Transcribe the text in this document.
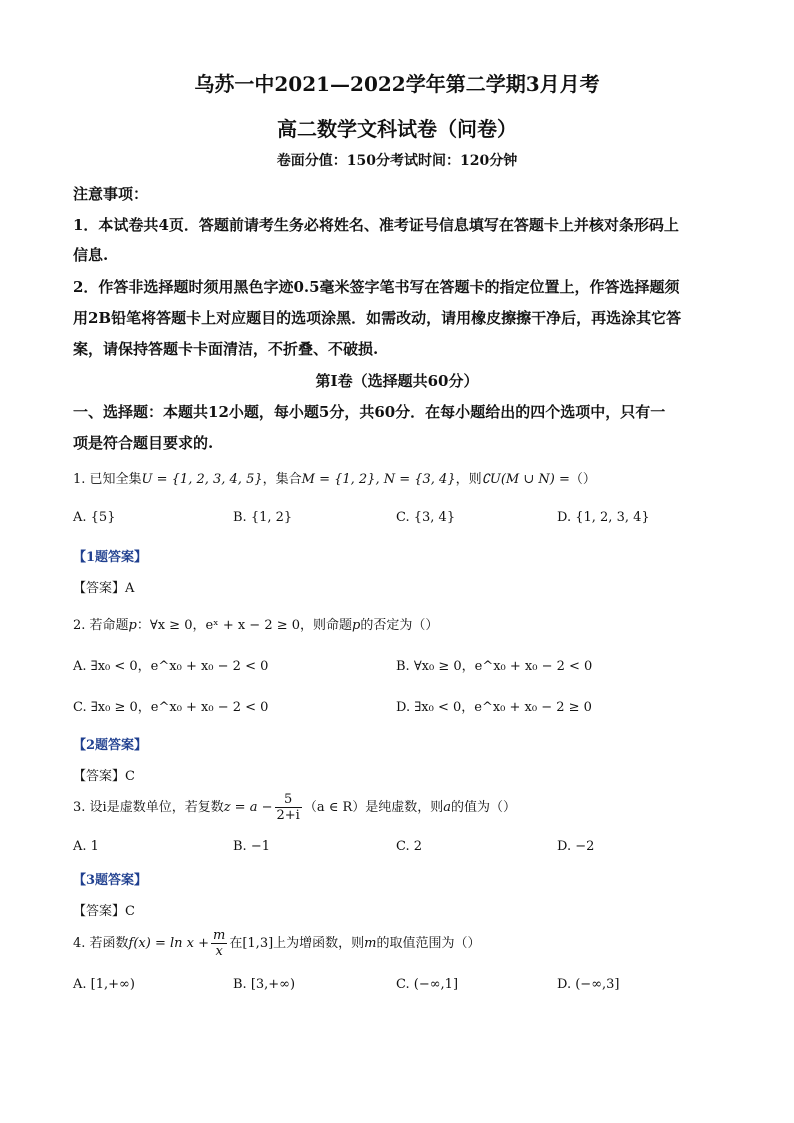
乌苏一中2021—2022学年第二学期3月月考
高二数学文科试卷（问卷）
卷面分值：150分考试时间：120分钟
注意事项：
1．本试卷共4页．答题前请考生务必将姓名、准考证号信息填写在答题卡上并核对条形码上
信息.
2．作答非选择题时须用黑色字迹0.5毫米签字笔书写在答题卡的指定位置上，作答选择题须
用2B铅笔将答题卡上对应题目的选项涂黑．如需改动，请用橡皮擦擦干净后，再选涂其它答
案，请保持答题卡卡面清洁，不折叠、不破损.
第Ⅰ卷（选择题共60分）
一、选择题：本题共12小题，每小题5分，共60分．在每小题给出的四个选项中，只有一
项是符合题目要求的.
1. 已知全集U = {1, 2, 3, 4, 5}，集合M = {1, 2}, N = {3, 4}，则∁U(M ∪ N) =（）
A. {5}	B. {1, 2}	C. {3, 4}	D. {1, 2, 3, 4}
【1题答案】
【答案】A
2. 若命题p：∀x ≥ 0，eˣ + x − 2 ≥ 0，则命题p的否定为（）
A. ∃x₀ < 0，e^x₀ + x₀ − 2 < 0	B. ∀x₀ ≥ 0，e^x₀ + x₀ − 2 < 0
C. ∃x₀ ≥ 0，e^x₀ + x₀ − 2 < 0	D. ∃x₀ < 0，e^x₀ + x₀ − 2 ≥ 0
【2题答案】
【答案】C
3. 设i是虚数单位，若复数$z = a - \frac{5}{2+i} (a$ ∈ R）是纯虚数，则a的值为（）
A. 1	B. −1	C. 2	D. −2
【3题答案】
【答案】C
4. 若函数$f(x) = \ln x + \frac{m}{x}$ 在[1,3]上为增函数，则m的取值范围为（）
A. [1,+∞)	B. [3,+∞)	C. (−∞,1]	D. (−∞,3]
